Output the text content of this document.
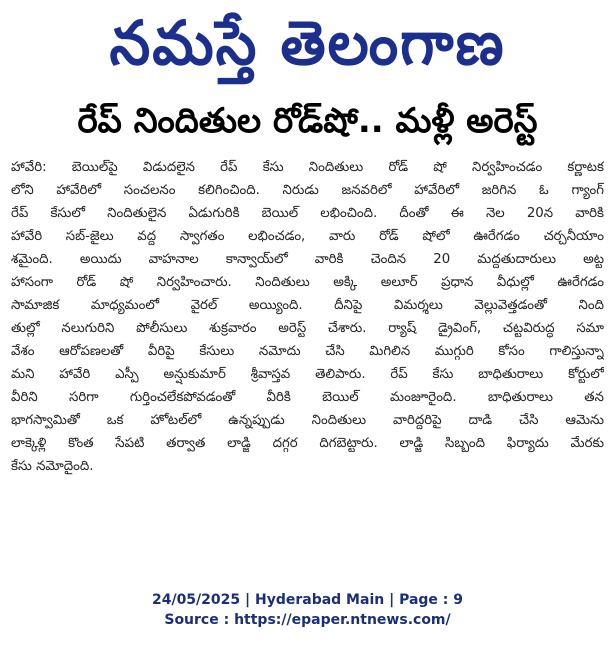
నమస్తే తెలంగాణ
రేప్ నిందితుల రోడ్‌షో.. మళ్లీ అరెస్ట్
హావేరి: బెయిల్‌పై విడుదలైన రేప్ కేసు నిందితులు రోడ్ షో నిర్వహించడం కర్ణాటక
లోని హావేరిలో సంచలనం కలిగించింది. నిరుడు జనవరిలో హావేరిలో జరిగిన ఓ గ్యాంగ్
రేప్ కేసులో నిందితులైన ఏడుగురికి బెయిల్ లభించింది. దీంతో ఈ నెల 20న వారికి
హావేరి సబ్-జైలు వద్ద స్వాగతం లభించడం, వారు రోడ్ షోలో ఊరేగడం చర్చనీయాం
శమైంది. అయిదు వాహనాల కాన్వాయ్‌లో వారికి చెందిన 20 మద్దతుదారులు అట్ట
హాసంగా రోడ్ షో నిర్వహించారు. నిందితులు అక్కి అలూర్ ప్రధాన వీధుల్లో ఊరేగడం
సామాజిక మాధ్యమంలో వైరల్ అయ్యింది. దీనిపై విమర్శలు వెల్లువెత్తడంతో నింది
తుల్లో నలుగురిని పోలీసులు శుక్రవారం అరెస్ట్ చేశారు. ర్యాష్ డ్రైవింగ్, చట్టవిరుద్ధ సమా
వేశం ఆరోపణలతో వీరిపై కేసులు నమోదు చేసి మిగిలిన ముగ్గురి కోసం గాలిస్తున్నా
మని హావేరి ఎస్పీ అన్షుకుమార్ శ్రీవాస్తవ తెలిపారు. రేప్ కేసు బాధితురాలు కోర్టులో
వీరిని సరిగా గుర్తించలేకపోవడంతో వీరికి బెయిల్ మంజూరైంది. బాధితురాలు తన
భాగస్వామితో ఒక హోటల్‌లో ఉన్నప్పుడు నిందితులు వారిద్దరిపై దాడి చేసి ఆమెను
లాక్కెళ్లి కొంత సేపటి తర్వాత లాడ్జి దగ్గర దిగబెట్టారు. లాడ్జి సిబ్బంది ఫిర్యాదు మేరకు
కేసు నమోదైంది.
24/05/2025 | Hyderabad Main | Page : 9
Source : https://epaper.ntnews.com/
